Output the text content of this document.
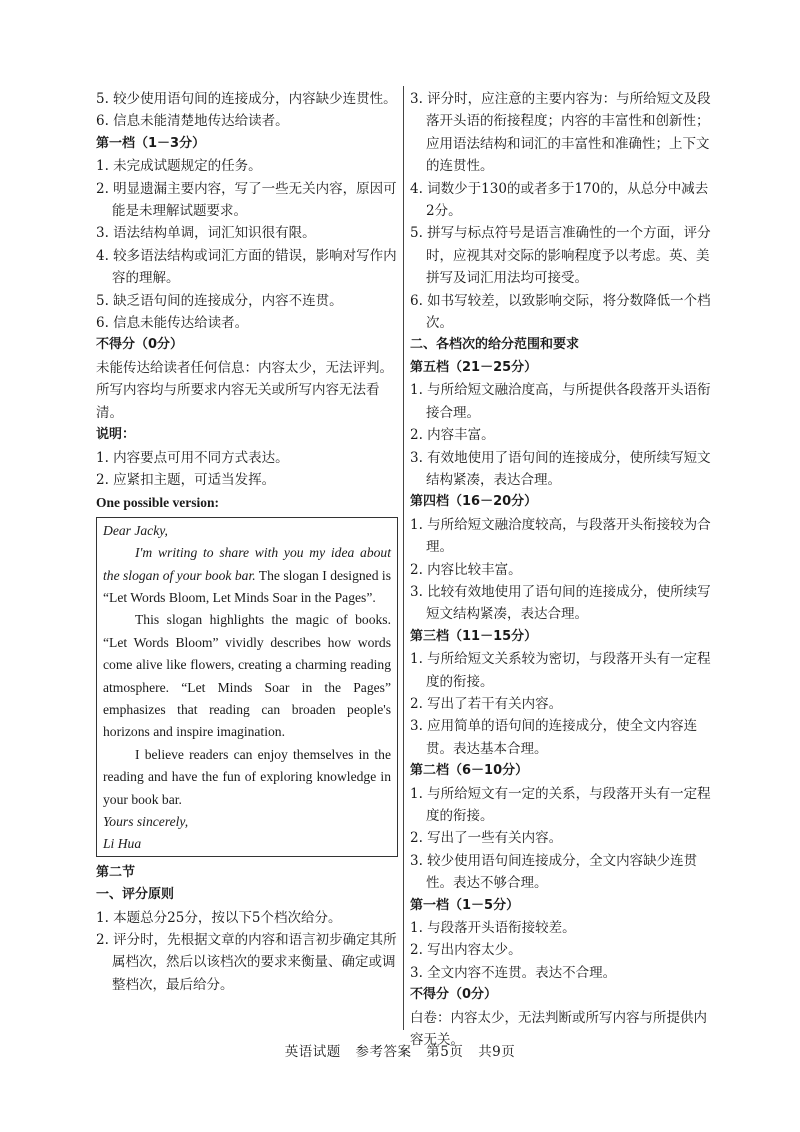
5. 较少使用语句间的连接成分，内容缺少连贯性。

6. 信息未能清楚地传达给读者。

第一档（1－3分）

1. 未完成试题规定的任务。

2. 明显遗漏主要内容，写了一些无关内容，原因可能是未理解试题要求。

3. 语法结构单调，词汇知识很有限。

4. 较多语法结构或词汇方面的错误，影响对写作内容的理解。

5. 缺乏语句间的连接成分，内容不连贯。

6. 信息未能传达给读者。

不得分（0分）

未能传达给读者任何信息：内容太少，无法评判。所写内容均与所要求内容无关或所写内容无法看清。

说明：

1. 内容要点可用不同方式表达。

2. 应紧扣主题，可适当发挥。

One possible version:

Dear Jacky,

I'm writing to share with you my idea about the slogan of your book bar. The slogan I designed is “Let Words Bloom, Let Minds Soar in the Pages”.

This slogan highlights the magic of books. “Let Words Bloom” vividly describes how words come alive like flowers, creating a charming reading atmosphere. “Let Minds Soar in the Pages” emphasizes that reading can broaden people's horizons and inspire imagination.

I believe readers can enjoy themselves in the reading and have the fun of exploring knowledge in your book bar.

Yours sincerely,

Li Hua

第二节

一、评分原则

1. 本题总分25分，按以下5个档次给分。

2. 评分时，先根据文章的内容和语言初步确定其所属档次，然后以该档次的要求来衡量、确定或调整档次，最后给分。

3. 评分时，应注意的主要内容为：与所给短文及段落开头语的衔接程度；内容的丰富性和创新性；应用语法结构和词汇的丰富性和准确性；上下文的连贯性。

4. 词数少于130的或者多于170的，从总分中减去2分。

5. 拼写与标点符号是语言准确性的一个方面，评分时，应视其对交际的影响程度予以考虑。英、美拼写及词汇用法均可接受。

6. 如书写较差，以致影响交际，将分数降低一个档次。

二、各档次的给分范围和要求

第五档（21－25分）

1. 与所给短文融洽度高，与所提供各段落开头语衔接合理。

2. 内容丰富。

3. 有效地使用了语句间的连接成分，使所续写短文结构紧凑，表达合理。

第四档（16－20分）

1. 与所给短文融洽度较高，与段落开头衔接较为合理。

2. 内容比较丰富。

3. 比较有效地使用了语句间的连接成分，使所续写短文结构紧凑，表达合理。

第三档（11－15分）

1. 与所给短文关系较为密切，与段落开头有一定程度的衔接。

2. 写出了若干有关内容。

3. 应用简单的语句间的连接成分，使全文内容连贯。表达基本合理。

第二档（6－10分）

1. 与所给短文有一定的关系，与段落开头有一定程度的衔接。

2. 写出了一些有关内容。

3. 较少使用语句间连接成分，全文内容缺少连贯性。表达不够合理。

第一档（1－5分）

1. 与段落开头语衔接较差。

2. 写出内容太少。

3. 全文内容不连贯。表达不合理。

不得分（0分）

白卷：内容太少，无法判断或所写内容与所提供内容无关。

英语试题 参考答案 第5页 共9页
